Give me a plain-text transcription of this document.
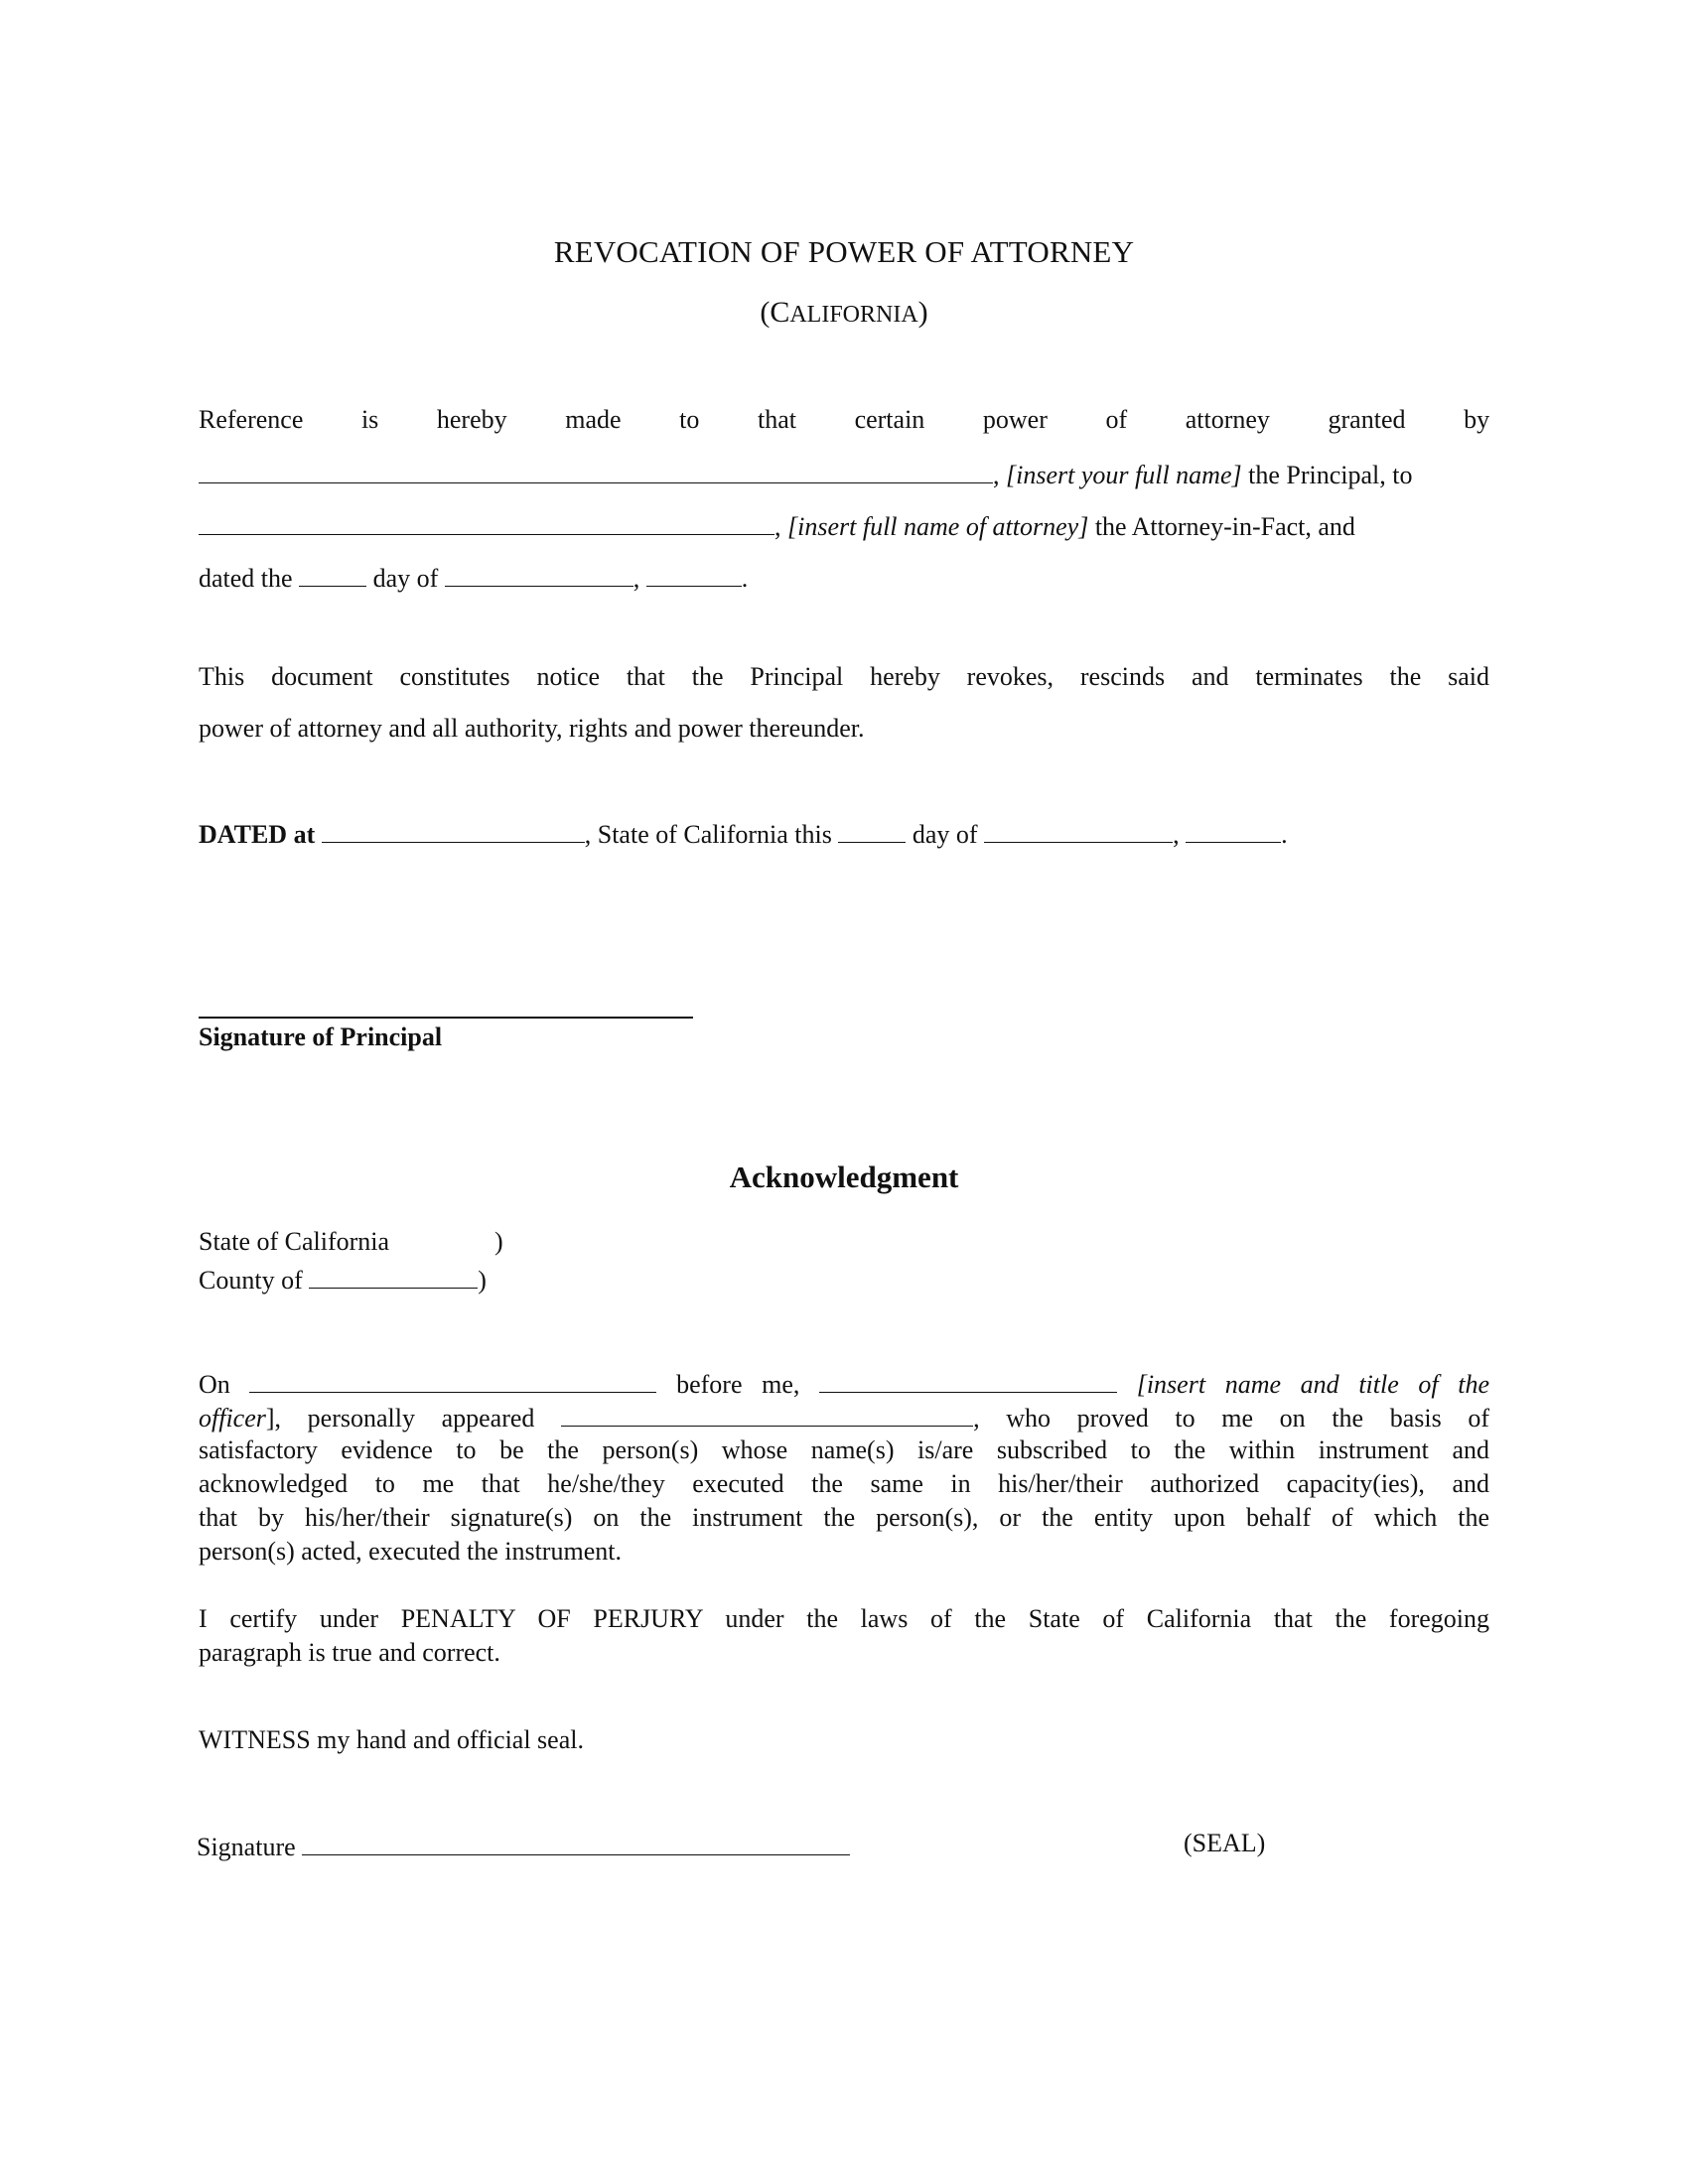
REVOCATION OF POWER OF ATTORNEY
(CALIFORNIA)
Reference is hereby made to that certain power of attorney granted by
, [insert your full name] the Principal, to
, [insert full name of attorney] the Attorney-in-Fact, and
dated the	day of	,	.
This document constitutes notice that the Principal hereby revokes, rescinds and terminates the said
power of attorney and all authority, rights and power thereunder.
DATED at	, State of California this	day of	,	.
Signature of Principal
Acknowledgment
State of California	)
County of	)
On	before me,	[insert name and title of the
officer], personally appeared	, who proved to me on the basis of
satisfactory evidence to be the person(s) whose name(s) is/are subscribed to the within instrument and
acknowledged to me that he/she/they executed the same in his/her/their authorized capacity(ies), and
that by his/her/their signature(s) on the instrument the person(s), or the entity upon behalf of which the
person(s) acted, executed the instrument.
I certify under PENALTY OF PERJURY under the laws of the State of California that the foregoing
paragraph is true and correct.
WITNESS my hand and official seal.
Signature	(SEAL)
